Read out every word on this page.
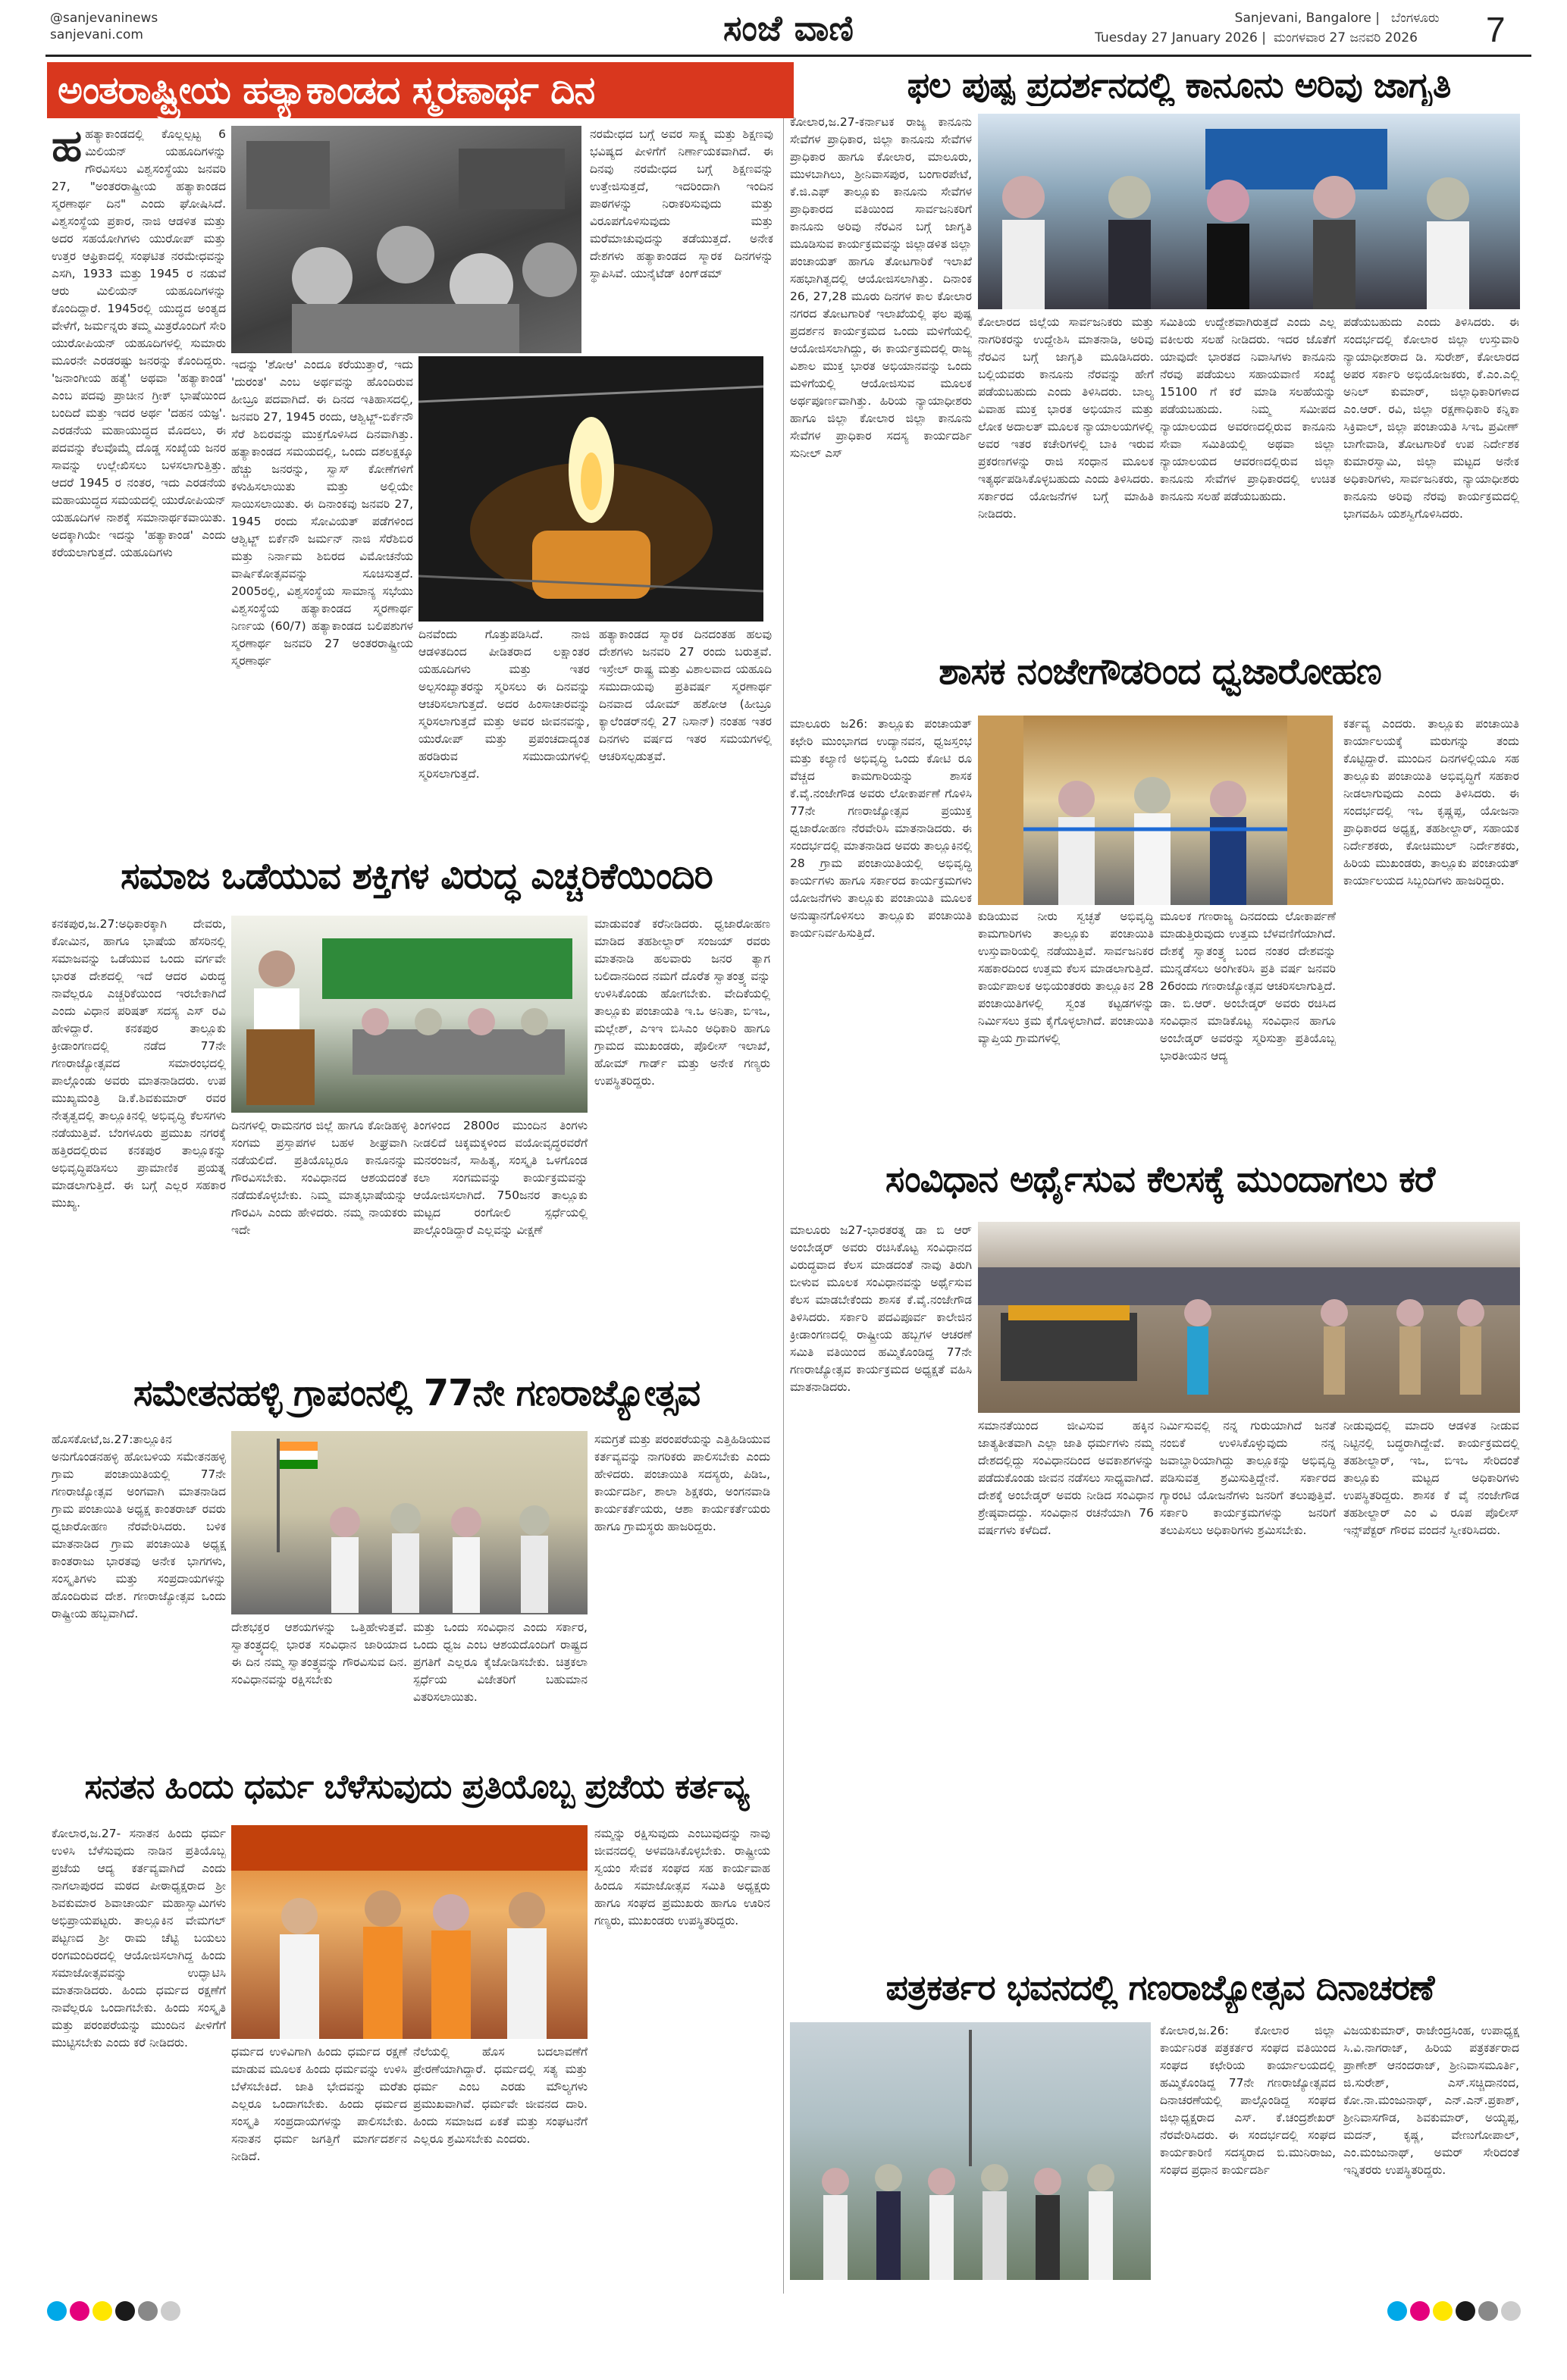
@sanjevaninews
sanjevani.com	ಸಂಜೆ ವಾಣಿ	Sanjevani, Bangalore | ಬೆಂಗಳೂರು
Tuesday 27 January 2026 | ಮಂಗಳವಾರ 27 ಜನವರಿ 2026	7
ಅಂತರಾಷ್ಟ್ರೀಯ ಹತ್ಯಾಕಾಂಡದ ಸ್ಮರಣಾರ್ಥ ದಿನ
ಹಹತ್ಯಾಕಾಂಡದಲ್ಲಿ ಕೊಲ್ಲಲ್ಪಟ್ಟ 6 ಮಿಲಿಯನ್ ಯಹೂದಿಗಳನ್ನು ಗೌರವಿಸಲು ವಿಶ್ವಸಂಸ್ಥೆಯು ಜನವರಿ 27, "ಅಂತರರಾಷ್ಟ್ರೀಯ ಹತ್ಯಾಕಾಂಡದ ಸ್ಮರಣಾರ್ಥ ದಿನ" ಎಂದು ಘೋಷಿಸಿದೆ. ವಿಶ್ವಸಂಸ್ಥೆಯ ಪ್ರಕಾರ, ನಾಜಿ ಆಡಳಿತ ಮತ್ತು ಅದರ ಸಹಯೋಗಿಗಳು ಯುರೋಪ್ ಮತ್ತು ಉತ್ತರ ಆಫ್ರಿಕಾದಲ್ಲಿ ಸಂಘಟಿತ ನರಮೇಧವನ್ನು ಎಸಗಿ, 1933 ಮತ್ತು 1945 ರ ನಡುವೆ ಆರು ಮಿಲಿಯನ್ ಯಹೂದಿಗಳನ್ನು ಕೊಂದಿದ್ದಾರೆ. 1945ರಲ್ಲಿ ಯುದ್ಧದ ಅಂತ್ಯದ ವೇಳೆಗೆ, ಜರ್ಮನ್ನರು ತಮ್ಮ ಮಿತ್ರರೊಂದಿಗೆ ಸೇರಿ ಯುರೋಪಿಯನ್ ಯಹೂದಿಗಳಲ್ಲಿ ಸುಮಾರು ಮೂರನೇ ಎರಡರಷ್ಟು ಜನರನ್ನು ಕೊಂದಿದ್ದರು. 'ಜನಾಂಗೀಯ ಹತ್ಯೆ' ಅಥವಾ 'ಹತ್ಯಾಕಾಂಡ' ಎಂಬ ಪದವು ಪ್ರಾಚೀನ ಗ್ರೀಕ್ ಭಾಷೆಯಿಂದ ಬಂದಿದೆ ಮತ್ತು ಇದರ ಅರ್ಥ 'ದಹನ ಯಜ್ಞ'. ಎರಡನೆಯ ಮಹಾಯುದ್ಧದ ಮೊದಲು, ಈ ಪದವನ್ನು ಕೆಲವೊಮ್ಮೆ ದೊಡ್ಡ ಸಂಖ್ಯೆಯ ಜನರ ಸಾವನ್ನು ಉಲ್ಲೇಖಿಸಲು ಬಳಸಲಾಗುತ್ತಿತ್ತು. ಆದರೆ 1945 ರ ನಂತರ, ಇದು ಎರಡನೆಯ ಮಹಾಯುದ್ಧದ ಸಮಯದಲ್ಲಿ ಯುರೋಪಿಯನ್ ಯಹೂದಿಗಳ ನಾಶಕ್ಕೆ ಸಮಾನಾರ್ಥಕವಾಯಿತು. ಅದಕ್ಕಾಗಿಯೇ ಇದನ್ನು 'ಹತ್ಯಾಕಾಂಡ' ಎಂದು ಕರೆಯಲಾಗುತ್ತದೆ. ಯಹೂದಿಗಳು
ಇದನ್ನು 'ಶೋಆ' ಎಂದೂ ಕರೆಯುತ್ತಾರೆ, ಇದು 'ದುರಂತ' ಎಂಬ ಅರ್ಥವನ್ನು ಹೊಂದಿರುವ ಹೀಬ್ರೂ ಪದವಾಗಿದೆ. ಈ ದಿನದ ಇತಿಹಾಸದಲ್ಲಿ, ಜನವರಿ 27, 1945 ರಂದು, ಆಶ್ವಿಟ್ಜ್-ಬಿರ್ಕೆನೌ ಸೆರೆ ಶಿಬಿರವನ್ನು ಮುಕ್ತಗೊಳಿಸಿದ ದಿನವಾಗಿತ್ತು. ಹತ್ಯಾಕಾಂಡದ ಸಮಯದಲ್ಲಿ, ಒಂದು ದಶಲಕ್ಷಕ್ಕೂ ಹೆಚ್ಚು ಜನರನ್ನು, ಸ್ವಾಸ್ ಕೋಣೆಗಳಿಗೆ ಕಳುಹಿಸಲಾಯಿತು ಮತ್ತು ಅಲ್ಲಿಯೇ ಸಾಯಿಸಲಾಯಿತು. ಈ ದಿನಾಂಕವು ಜನವರಿ 27, 1945 ರಂದು ಸೋವಿಯತ್ ಪಡೆಗಳಿಂದ ಆಶ್ವಿಟ್ಜ್ ಬಿರ್ಕೆನೌ ಜರ್ಮನ್ ನಾಜಿ ಸೆರೆಶಿಬಿರ ಮತ್ತು ನಿರ್ನಾಮ ಶಿಬಿರದ ವಿಮೋಚನೆಯ ವಾರ್ಷಿಕೋತ್ಸವವನ್ನು ಸೂಚಿಸುತ್ತದೆ. 2005ರಲ್ಲಿ, ವಿಶ್ವಸಂಸ್ಥೆಯ ಸಾಮಾನ್ಯ ಸಭೆಯು ವಿಶ್ವಸಂಸ್ಥೆಯ ಹತ್ಯಾಕಾಂಡದ ಸ್ಮರಣಾರ್ಥ ನಿರ್ಣಯ (60/7) ಹತ್ಯಾಕಾಂಡದ ಬಲಿಪಶುಗಳ ಸ್ಮರಣಾರ್ಥ ಜನವರಿ 27 ಅಂತರರಾಷ್ಟ್ರೀಯ ಸ್ಮರಣಾರ್ಥ
ದಿನವೆಂದು ಗೊತ್ತುಪಡಿಸಿದೆ. ನಾಜಿ ಆಡಳಿತದಿಂದ ಪೀಡಿತರಾದ ಲಕ್ಷಾಂತರ ಯಹೂದಿಗಳು ಮತ್ತು ಇತರ ಅಲ್ಪಸಂಖ್ಯಾತರನ್ನು ಸ್ಮರಿಸಲು ಈ ದಿನವನ್ನು ಆಚರಿಸಲಾಗುತ್ತದೆ. ಅದರ ಹಿಂಸಾಚಾರವನ್ನು ಸ್ಮರಿಸಲಾಗುತ್ತದೆ ಮತ್ತು ಅವರ ಜೀವನವನ್ನು, ಯುರೋಪ್ ಮತ್ತು ಪ್ರಪಂಚದಾದ್ಯಂತ ಹರಡಿರುವ ಸಮುದಾಯಗಳಲ್ಲಿ ಸ್ಮರಿಸಲಾಗುತ್ತದೆ.
ನರಮೇಧದ ಬಗ್ಗೆ ಅವರ ಸಾಕ್ಷ್ಯ ಮತ್ತು ಶಿಕ್ಷಣವು ಭವಿಷ್ಯದ ಪೀಳಿಗೆಗೆ ನಿರ್ಣಾಯಕವಾಗಿದೆ. ಈ ದಿನವು ನರಮೇಧದ ಬಗ್ಗೆ ಶಿಕ್ಷಣವನ್ನು ಉತ್ತೇಜಿಸುತ್ತದೆ, ಇದರಿಂದಾಗಿ ಇಂದಿನ ಪಾಠಗಳನ್ನು ನಿರಾಕರಿಸುವುದು ಮತ್ತು ವಿರೂಪಗೊಳಿಸುವುದು ಮತ್ತು ಮರೆಮಾಚುವುದನ್ನು ತಡೆಯುತ್ತದೆ. ಅನೇಕ ದೇಶಗಳು ಹತ್ಯಾಕಾಂಡದ ಸ್ಮಾರಕ ದಿನಗಳನ್ನು ಸ್ಥಾಪಿಸಿವೆ. ಯುನೈಟೆಡ್ ಕಿಂಗ್‌ಡಮ್
ಹತ್ಯಾಕಾಂಡದ ಸ್ಮಾರಕ ದಿನದಂತಹ ಹಲವು ದೇಶಗಳು ಜನವರಿ 27 ರಂದು ಬರುತ್ತವೆ. ಇಸ್ರೇಲ್ ರಾಷ್ಟ್ರ ಮತ್ತು ವಿಶಾಲವಾದ ಯಹೂದಿ ಸಮುದಾಯವು ಪ್ರತಿವರ್ಷ ಸ್ಮರಣಾರ್ಥ ದಿನವಾದ ಯೋಮ್ ಹಶೋಆ (ಹೀಬ್ರೂ ಕ್ಯಾಲೆಂಡರ್‌ನಲ್ಲಿ 27 ನಿಸಾನ್) ನಂತಹ ಇತರ ದಿನಗಳು ವರ್ಷದ ಇತರ ಸಮಯಗಳಲ್ಲಿ ಆಚರಿಸಲ್ಪಡುತ್ತವೆ.
ಫಲ ಪುಷ್ಪ ಪ್ರದರ್ಶನದಲ್ಲಿ ಕಾನೂನು ಅರಿವು ಜಾಗೃತಿ
ಕೋಲಾರ,ಜ.27-ಕರ್ನಾಟಕ ರಾಜ್ಯ ಕಾನೂನು ಸೇವೆಗಳ ಪ್ರಾಧಿಕಾರ, ಜಿಲ್ಲಾ ಕಾನೂನು ಸೇವೆಗಳ ಪ್ರಾಧಿಕಾರ ಹಾಗೂ ಕೋಲಾರ, ಮಾಲೂರು, ಮುಳಬಾಗಿಲು, ಶ್ರೀನಿವಾಸಪುರ, ಬಂಗಾರಪೇಟೆ, ಕೆ.ಜಿ.ಎಫ್ ತಾಲ್ಲೂಕು ಕಾನೂನು ಸೇವೆಗಳ ಪ್ರಾಧಿಕಾರದ ವತಿಯಿಂದ ಸಾರ್ವಜನಿಕರಿಗೆ ಕಾನೂನು ಅರಿವು ನೆರವಿನ ಬಗ್ಗೆ ಜಾಗೃತಿ ಮೂಡಿಸುವ ಕಾರ್ಯಕ್ರಮವನ್ನು ಜಿಲ್ಲಾಡಳಿತ ಜಿಲ್ಲಾ ಪಂಚಾಯತ್ ಹಾಗೂ ತೋಟಗಾರಿಕೆ ಇಲಾಖೆ ಸಹಭಾಗಿತ್ವದಲ್ಲಿ ಆಯೋಜಿಸಲಾಗಿತ್ತು. ದಿನಾಂಕ 26, 27,28 ಮೂರು ದಿನಗಳ ಕಾಲ ಕೋಲಾರ ನಗರದ ತೋಟಗಾರಿಕೆ ಇಲಾಖೆಯಲ್ಲಿ ಫಲ ಪುಷ್ಪ ಪ್ರದರ್ಶನ ಕಾರ್ಯಕ್ರಮದ ಒಂದು ಮಳಿಗೆಯಲ್ಲಿ ಆಯೋಜಿಸಲಾಗಿದ್ದು, ಈ ಕಾರ್ಯಕ್ರಮದಲ್ಲಿ ರಾಜ್ಯ ವಿಶಾಲ ಮುಕ್ತ ಭಾರತ ಅಭಿಯಾನವನ್ನು ಒಂದು ಮಳಿಗೆಯಲ್ಲಿ ಆಯೋಜಿಸುವ ಮೂಲಕ ಅರ್ಥಪೂರ್ಣವಾಗಿತ್ತು. ಹಿರಿಯ ನ್ಯಾಯಾಧೀಶರು ಹಾಗೂ ಜಿಲ್ಲಾ ಕೋಲಾರ ಜಿಲ್ಲಾ ಕಾನೂನು ಸೇವೆಗಳ ಪ್ರಾಧಿಕಾರ ಸದಸ್ಯ ಕಾರ್ಯದರ್ಶಿ ಸುನೀಲ್ ಎಸ್
ಕೋಲಾರದ ಜಿಲ್ಲೆಯ ಸಾರ್ವಜನಿಕರು ಮತ್ತು ನಾಗರಿಕರನ್ನು ಉದ್ದೇಶಿಸಿ ಮಾತನಾಡಿ, ಅರಿವು ನೆರವಿನ ಬಗ್ಗೆ ಜಾಗೃತಿ ಮೂಡಿಸಿದರು. ಬಲ್ಲಿಯವರು ಕಾನೂನು ನೆರವನ್ನು ಹೇಗೆ ಪಡೆಯಬಹುದು ಎಂದು ತಿಳಿಸಿದರು. ಬಾಲ್ಯ ವಿವಾಹ ಮುಕ್ತ ಭಾರತ ಅಭಿಯಾನ ಮತ್ತು ಲೋಕ ಅದಾಲತ್ ಮೂಲಕ ನ್ಯಾಯಾಲಯಗಳಲ್ಲಿ ಅವರ ಇತರ ಕಚೇರಿಗಳಲ್ಲಿ ಬಾಕಿ ಇರುವ ಪ್ರಕರಣಗಳನ್ನು ರಾಜಿ ಸಂಧಾನ ಮೂಲಕ ಇತ್ಯರ್ಥಪಡಿಸಿಕೊಳ್ಳಬಹುದು ಎಂದು ತಿಳಿಸಿದರು. ಸರ್ಕಾರದ ಯೋಜನೆಗಳ ಬಗ್ಗೆ ಮಾಹಿತಿ ನೀಡಿದರು.
ಸಮಿತಿಯ ಉದ್ದೇಶವಾಗಿರುತ್ತದೆ ಎಂದು ಎಲ್ಲ ವಕೀಲರು ಸಲಹೆ ನೀಡಿದರು. ಇದರ ಜೊತೆಗೆ ಯಾವುದೇ ಭಾರತದ ನಿವಾಸಿಗಳು ಕಾನೂನು ನೆರವು ಪಡೆಯಲು ಸಹಾಯವಾಣಿ ಸಂಖ್ಯೆ 15100 ಗೆ ಕರೆ ಮಾಡಿ ಸಲಹೆಯನ್ನು ಪಡೆಯಬಹುದು. ನಿಮ್ಮ ಸಮೀಪದ ನ್ಯಾಯಾಲಯದ ಅವರಣದಲ್ಲಿರುವ ಕಾನೂನು ಸೇವಾ ಸಮಿತಿಯಲ್ಲಿ ಅಥವಾ ಜಿಲ್ಲಾ ನ್ಯಾಯಾಲಯದ ಆವರಣದಲ್ಲಿರುವ ಜಿಲ್ಲಾ ಕಾನೂನು ಸೇವೆಗಳ ಪ್ರಾಧಿಕಾರದಲ್ಲಿ ಉಚಿತ ಕಾನೂನು ಸಲಹೆ ಪಡೆಯಬಹುದು.
ಪಡೆಯಬಹುದು ಎಂದು ತಿಳಿಸಿದರು. ಈ ಸಂದರ್ಭದಲ್ಲಿ ಕೋಲಾರ ಜಿಲ್ಲಾ ಉಸ್ತುವಾರಿ ನ್ಯಾಯಾಧೀಶರಾದ ಡಿ. ಸುರೇಶ್, ಕೋಲಾರದ ಅಪರ ಸರ್ಕಾರಿ ಅಭಿಯೋಜಕರು, ಕೆ.ಎಂ.ಎಲ್ಲಿ ಅನಿಲ್ ಕುಮಾರ್, ಜಿಲ್ಲಾಧಿಕಾರಿಗಳಾದ ಎಂ.ಆರ್. ರವಿ, ಜಿಲ್ಲಾ ರಕ್ಷಣಾಧಿಕಾರಿ ಕನ್ನಿಕಾ ಸಿಕ್ರಿವಾಲ್, ಜಿಲ್ಲಾ ಪಂಚಾಯತಿ ಸಿಇಒ ಪ್ರವೀಣ್ ಬಾಗೇವಾಡಿ, ತೋಟಗಾರಿಕೆ ಉಪ ನಿರ್ದೇಶಕ ಕುಮಾರಸ್ವಾಮಿ, ಜಿಲ್ಲಾ ಮಟ್ಟದ ಅನೇಕ ಅಧಿಕಾರಿಗಳು, ಸಾರ್ವಜನಿಕರು, ನ್ಯಾಯಾಧೀಶರು ಕಾನೂನು ಅರಿವು ನೆರವು ಕಾರ್ಯಕ್ರಮದಲ್ಲಿ ಭಾಗವಹಿಸಿ ಯಶಸ್ವಿಗೊಳಿಸಿದರು.
ಶಾಸಕ ನಂಜೇಗೌಡರಿಂದ ಧ್ವಜಾರೋಹಣ
ಮಾಲೂರು ಜ26: ತಾಲ್ಲೂಕು ಪಂಚಾಯತ್ ಕಛೇರಿ ಮುಂಭಾಗದ ಉದ್ಯಾನವನ, ಧ್ವಜಸ್ತಂಭ ಮತ್ತು ಕಲ್ಯಾಣಿ ಅಭಿವೃದ್ಧಿ ಒಂದು ಕೋಟಿ ರೂ ವೆಚ್ಚದ ಕಾಮಗಾರಿಯನ್ನು ಶಾಸಕ ಕೆ.ವೈ.ನಂಜೇಗೌಡ ಅವರು ಲೋಕಾರ್ಪಣೆ ಗೊಳಿಸಿ 77ನೇ ಗಣರಾಜ್ಯೋತ್ಸವ ಪ್ರಯುಕ್ತ ಧ್ವಜಾರೋಹಣ ನೆರವೇರಿಸಿ ಮಾತನಾಡಿದರು. ಈ ಸಂದರ್ಭದಲ್ಲಿ ಮಾತನಾಡಿದ ಅವರು ತಾಲ್ಲೂಕಿನಲ್ಲಿ 28 ಗ್ರಾಮ ಪಂಚಾಯಿತಿಯಲ್ಲಿ ಅಭಿವೃದ್ಧಿ ಕಾರ್ಯಗಳು ಹಾಗೂ ಸರ್ಕಾರದ ಕಾರ್ಯಕ್ರಮಗಳು ಯೋಜನೆಗಳು ತಾಲ್ಲೂಕು ಪಂಚಾಯಿತಿ ಮೂಲಕ ಅನುಷ್ಠಾನಗೊಳಿಸಲು ತಾಲ್ಲೂಕು ಪಂಚಾಯಿತಿ ಕಾರ್ಯನಿರ್ವಹಿಸುತ್ತಿದೆ.
ಕುಡಿಯುವ ನೀರು ಸ್ವಚ್ಛತೆ ಅಭಿವೃದ್ಧಿ ಕಾಮಗಾರಿಗಳು ತಾಲ್ಲೂಕು ಪಂಚಾಯಿತಿ ಉಸ್ತುವಾರಿಯಲ್ಲಿ ನಡೆಯುತ್ತಿವೆ. ಸಾರ್ವಜನಿಕರ ಸಹಕಾರದಿಂದ ಉತ್ತಮ ಕೆಲಸ ಮಾಡಲಾಗುತ್ತಿದೆ. ಕಾರ್ಯಪಾಲಕ ಅಭಿಯಂತರರು ತಾಲ್ಲೂಕಿನ 28 ಪಂಚಾಯಿತಿಗಳಲ್ಲಿ ಸ್ವಂತ ಕಟ್ಟಡಗಳನ್ನು ನಿರ್ಮಿಸಲು ಕ್ರಮ ಕೈಗೊಳ್ಳಲಾಗಿದೆ. ಪಂಚಾಯಿತಿ ವ್ಯಾಪ್ತಿಯ ಗ್ರಾಮಗಳಲ್ಲಿ
ಮೂಲಕ ಗಣರಾಜ್ಯ ದಿನದಂದು ಲೋಕಾರ್ಪಣೆ ಮಾಡುತ್ತಿರುವುದು ಉತ್ತಮ ಬೆಳವಣಿಗೆಯಾಗಿದೆ. ದೇಶಕ್ಕೆ ಸ್ವಾತಂತ್ರ್ಯ ಬಂದ ನಂತರ ದೇಶವನ್ನು ಮುನ್ನಡೆಸಲು ಅಂಗೀಕರಿಸಿ ಪ್ರತಿ ವರ್ಷ ಜನವರಿ 26ರಂದು ಗಣರಾಜ್ಯೋತ್ಸವ ಆಚರಿಸಲಾಗುತ್ತಿದೆ. ಡಾ. ಬಿ.ಆರ್. ಅಂಬೇಡ್ಕರ್ ಅವರು ರಚಿಸಿದ ಸಂವಿಧಾನ ಮಾಡಿಕೊಟ್ಟ ಸಂವಿಧಾನ ಹಾಗೂ ಅಂಬೇಡ್ಕರ್ ಅವರನ್ನು ಸ್ಮರಿಸುತ್ತಾ ಪ್ರತಿಯೊಬ್ಬ ಭಾರತೀಯನ ಆದ್ಯ
ಕರ್ತವ್ಯ ಎಂದರು. ತಾಲ್ಲೂಕು ಪಂಚಾಯಿತಿ ಕಾರ್ಯಾಲಯಕ್ಕೆ ಮರುಗನ್ನು ತಂದು ಕೊಟ್ಟಿದ್ದಾರೆ. ಮುಂದಿನ ದಿನಗಳಲ್ಲಿಯೂ ಸಹ ತಾಲ್ಲೂಕು ಪಂಚಾಯಿತಿ ಅಭಿವೃದ್ಧಿಗೆ ಸಹಕಾರ ನೀಡಲಾಗುವುದು ಎಂದು ತಿಳಿಸಿದರು. ಈ ಸಂದರ್ಭದಲ್ಲಿ ಇಒ ಕೃಷ್ಣಪ್ಪ, ಯೋಜನಾ ಪ್ರಾಧಿಕಾರದ ಅಧ್ಯಕ್ಷ, ತಹಶೀಲ್ದಾರ್, ಸಹಾಯಕ ನಿರ್ದೇಶಕರು, ಕೋಚಿಮುಲ್ ನಿರ್ದೇಶಕರು, ಹಿರಿಯ ಮುಖಂಡರು, ತಾಲ್ಲೂಕು ಪಂಚಾಯತ್ ಕಾರ್ಯಾಲಯದ ಸಿಬ್ಬಂದಿಗಳು ಹಾಜರಿದ್ದರು.
ಸಮಾಜ ಒಡೆಯುವ ಶಕ್ತಿಗಳ ವಿರುದ್ಧ ಎಚ್ಚರಿಕೆಯಿಂದಿರಿ
ಕನಕಪುರ,ಜ.27:ಅಧಿಕಾರಕ್ಕಾಗಿ ದೇವರು, ಕೋಮಿನ, ಹಾಗೂ ಭಾಷೆಯ ಹೆಸರಿನಲ್ಲಿ ಸಮಾಜವನ್ನು ಒಡೆಯುವ ಒಂದು ವರ್ಗವೇ ಭಾರತ ದೇಶದಲ್ಲಿ ಇದೆ ಆದರ ವಿರುದ್ಧ ನಾವೆಲ್ಲರೂ ಎಚ್ಚರಿಕೆಯಿಂದ ಇರಬೇಕಾಗಿದೆ ಎಂದು ವಿಧಾನ ಪರಿಷತ್ ಸದಸ್ಯ ಎಸ್ ರವಿ ಹೇಳಿದ್ದಾರೆ. ಕನಕಪುರ ತಾಲ್ಲೂಕು ಕ್ರೀಡಾಂಗಣದಲ್ಲಿ ನಡೆದ 77ನೇ ಗಣರಾಜ್ಯೋತ್ಸವದ ಸಮಾರಂಭದಲ್ಲಿ ಪಾಲ್ಗೊಂಡು ಅವರು ಮಾತನಾಡಿದರು. ಉಪ ಮುಖ್ಯಮಂತ್ರಿ ಡಿ.ಕೆ.ಶಿವಕುಮಾರ್ ರವರ ನೇತೃತ್ವದಲ್ಲಿ ತಾಲ್ಲೂಕಿನಲ್ಲಿ ಅಭಿವೃದ್ಧಿ ಕೆಲಸಗಳು ನಡೆಯುತ್ತಿವೆ. ಬೆಂಗಳೂರು ಪ್ರಮುಖ ನಗರಕ್ಕೆ ಹತ್ತಿರದಲ್ಲಿರುವ ಕನಕಪುರ ತಾಲ್ಲೂಕನ್ನು ಅಭಿವೃದ್ಧಿಪಡಿಸಲು ಪ್ರಾಮಾಣಿಕ ಪ್ರಯತ್ನ ಮಾಡಲಾಗುತ್ತಿದೆ. ಈ ಬಗ್ಗೆ ಎಲ್ಲರ ಸಹಕಾರ ಮುಖ್ಯ.
ದಿನಗಳಲ್ಲಿ ರಾಮನಗರ ಜಿಲ್ಲೆ ಹಾಗೂ ಕೋಡಿಹಳ್ಳಿ ಸಂಗಮ ಪ್ರಸ್ತಾಪಗಳ ಬಹಳ ಶೀಘ್ರವಾಗಿ ನಡೆಯಲಿದೆ. ಪ್ರತಿಯೊಬ್ಬರೂ ಕಾನೂನನ್ನು ಗೌರವಿಸಬೇಕು. ಸಂವಿಧಾನದ ಆಶಯದಂತೆ ನಡೆದುಕೊಳ್ಳಬೇಕು. ನಿಮ್ಮ ಮಾತೃಭಾಷೆಯನ್ನು ಗೌರವಿಸಿ ಎಂದು ಹೇಳಿದರು. ನಮ್ಮ ನಾಯಕರು ಇದೇ
ತಿಂಗಳಿಂದ 2800ರ ಮುಂದಿನ ತಿಂಗಳು ನೀಡಲಿದೆ ಚಿಕ್ಕಮಕ್ಕಳಿಂದ ವಯೋವೃದ್ಧರವರೆಗೆ ಮನರಂಜನೆ, ಸಾಹಿತ್ಯ, ಸಂಸ್ಕೃತಿ ಒಳಗೊಂಡ ಕಲಾ ಸಂಗಮವನ್ನು ಕಾರ್ಯಕ್ರಮವನ್ನು ಆಯೋಜಿಸಲಾಗಿದೆ. 750ಜನರ ತಾಲ್ಲೂಕು ಮಟ್ಟದ ರಂಗೋಲಿ ಸ್ಪರ್ಧೆಯಲ್ಲಿ ಪಾಲ್ಗೊಂಡಿದ್ದಾರೆ ಎಲ್ಲವನ್ನು ವೀಕ್ಷಣೆ
ಮಾಡುವಂತೆ ಕರೆನೀಡಿದರು. ಧ್ವಜಾರೋಹಣ ಮಾಡಿದ ತಹಶೀಲ್ದಾರ್ ಸಂಜಯ್ ರವರು ಮಾತನಾಡಿ ಹಲವಾರು ಜನರ ತ್ಯಾಗ ಬಲಿದಾನದಿಂದ ನಮಗೆ ದೊರೆತ ಸ್ವಾತಂತ್ರ್ಯ ವನ್ನು ಉಳಿಸಿಕೊಂಡು ಹೋಗಬೇಕು. ವೇದಿಕೆಯಲ್ಲಿ ತಾಲ್ಲೂಕು ಪಂಚಾಯತಿ ಇ.ಒ ಅನಿತಾ, ಬಿಇಒ, ಮಲ್ಲೇಶ್, ಎಇಇ ಬಿಸಿಎಂ ಅಧಿಕಾರಿ ಹಾಗೂ ಗ್ರಾಮದ ಮುಖಂಡರು, ಪೊಲೀಸ್ ಇಲಾಖೆ, ಹೋಮ್ ಗಾರ್ಡ್ ಮತ್ತು ಅನೇಕ ಗಣ್ಯರು ಉಪಸ್ಥಿತರಿದ್ದರು.
ಸಂವಿಧಾನ ಅರ್ಥೈಸುವ ಕೆಲಸಕ್ಕೆ ಮುಂದಾಗಲು ಕರೆ
ಮಾಲೂರು ಜ27-ಭಾರತರತ್ನ ಡಾ ಬಿ ಆರ್ ಅಂಬೇಡ್ಕರ್ ಅವರು ರಚಿಸಿಕೊಟ್ಟ ಸಂವಿಧಾನದ ವಿರುದ್ಧವಾದ ಕೆಲಸ ಮಾಡದಂತೆ ನಾವು ತಿರುಗಿ ಬೀಳುವ ಮೂಲಕ ಸಂವಿಧಾನವನ್ನು ಅರ್ಥೈಸುವ ಕೆಲಸ ಮಾಡಬೇಕೆಂದು ಶಾಸಕ ಕೆ.ವೈ.ನಂಜೇಗೌಡ ತಿಳಿಸಿದರು. ಸರ್ಕಾರಿ ಪದವಿಪೂರ್ವ ಕಾಲೇಜಿನ ಕ್ರೀಡಾಂಗಣದಲ್ಲಿ ರಾಷ್ಟ್ರೀಯ ಹಬ್ಬಗಳ ಆಚರಣೆ ಸಮಿತಿ ವತಿಯಿಂದ ಹಮ್ಮಿಕೊಂಡಿದ್ದ 77ನೇ ಗಣರಾಜ್ಯೋತ್ಸವ ಕಾರ್ಯಕ್ರಮದ ಅಧ್ಯಕ್ಷತೆ ವಹಿಸಿ ಮಾತನಾಡಿದರು.
ಸಮಾನತೆಯಿಂದ ಜೀವಿಸುವ ಹಕ್ಕಿನ ಜಾತ್ಯತೀತವಾಗಿ ಎಲ್ಲಾ ಜಾತಿ ಧರ್ಮಗಳು ನಮ್ಮ ದೇಶದಲ್ಲಿದ್ದು ಸಂವಿಧಾನದಿಂದ ಅವಕಾಶಗಳನ್ನು ಪಡೆದುಕೊಂಡು ಜೀವನ ನಡೆಸಲು ಸಾಧ್ಯವಾಗಿದೆ. ದೇಶಕ್ಕೆ ಅಂಬೇಡ್ಕರ್ ಅವರು ನೀಡಿದ ಸಂವಿಧಾನ ಶ್ರೇಷ್ಠವಾದದ್ದು. ಸಂವಿಧಾನ ರಚನೆಯಾಗಿ 76 ವರ್ಷಗಳು ಕಳೆದಿದೆ.
ನಿರ್ಮಿಸುವಲ್ಲಿ ನನ್ನ ಗುರುಯಾಗಿದೆ ಜನತೆ ನಂಬಿಕೆ ಉಳಿಸಿಕೊಳ್ಳುವುದು ನನ್ನ ಜವಾಬ್ದಾರಿಯಾಗಿದ್ದು ತಾಲ್ಲೂಕನ್ನು ಅಭಿವೃದ್ಧಿ ಪಡಿಸುವತ್ತ ಶ್ರಮಿಸುತ್ತಿದ್ದೇನೆ. ಸರ್ಕಾರದ ಗ್ಯಾರಂಟಿ ಯೋಜನೆಗಳು ಜನರಿಗೆ ತಲುಪುತ್ತಿವೆ. ಸರ್ಕಾರಿ ಕಾರ್ಯಕ್ರಮಗಳನ್ನು ಜನರಿಗೆ ತಲುಪಿಸಲು ಅಧಿಕಾರಿಗಳು ಶ್ರಮಿಸಬೇಕು.
ನೀಡುವುದಲ್ಲಿ ಮಾದರಿ ಆಡಳಿತ ನೀಡುವ ನಿಟ್ಟಿನಲ್ಲಿ ಬದ್ಧರಾಗಿದ್ದೇವೆ. ಕಾರ್ಯಕ್ರಮದಲ್ಲಿ ತಹಶೀಲ್ದಾರ್, ಇಒ, ಬಿಇಒ ಸೇರಿದಂತೆ ತಾಲ್ಲೂಕು ಮಟ್ಟದ ಅಧಿಕಾರಿಗಳು ಉಪಸ್ಥಿತರಿದ್ದರು. ಶಾಸಕ ಕೆ ವೈ ನಂಜೇಗೌಡ ತಹಶೀಲ್ದಾರ್ ಎಂ ವಿ ರೂಪ ಪೊಲೀಸ್ ಇನ್ಸ್‌ಪೆಕ್ಟರ್ ಗೌರವ ವಂದನೆ ಸ್ವೀಕರಿಸಿದರು.
ಸಮೇತನಹಳ್ಳಿ ಗ್ರಾಪಂನಲ್ಲಿ 77ನೇ ಗಣರಾಜ್ಯೋತ್ಸವ
ಹೊಸಕೋಟೆ,ಜ.27:ತಾಲ್ಲೂಕಿನ ಅನುಗೊಂಡನಹಳ್ಳಿ ಹೋಬಳಿಯ ಸಮೇತನಹಳ್ಳಿ ಗ್ರಾಮ ಪಂಚಾಯಿತಿಯಲ್ಲಿ 77ನೇ ಗಣರಾಜ್ಯೋತ್ಸವ ಅಂಗವಾಗಿ ಮಾತನಾಡಿದ ಗ್ರಾಮ ಪಂಚಾಯಿತಿ ಅಧ್ಯಕ್ಷ ಕಾಂತರಾಜ್ ರವರು ಧ್ವಜಾರೋಹಣ ನೆರವೇರಿಸಿದರು. ಬಳಿಕ ಮಾತನಾಡಿದ ಗ್ರಾಮ ಪಂಚಾಯಿತಿ ಅಧ್ಯಕ್ಷ ಕಾಂತರಾಜು ಭಾರತವು ಅನೇಕ ಭಾಗಗಳು, ಸಂಸ್ಕೃತಿಗಳು ಮತ್ತು ಸಂಪ್ರದಾಯಗಳನ್ನು ಹೊಂದಿರುವ ದೇಶ. ಗಣರಾಜ್ಯೋತ್ಸವ ಒಂದು ರಾಷ್ಟ್ರೀಯ ಹಬ್ಬವಾಗಿದೆ.
ದೇಶಭಕ್ತರ ಆಶಯಗಳನ್ನು ಒತ್ತಿಹೇಳುತ್ತವೆ. ಸ್ವಾತಂತ್ರ್ಯದಲ್ಲಿ ಭಾರತ ಸಂವಿಧಾನ ಜಾರಿಯಾದ ಈ ದಿನ ನಮ್ಮ ಸ್ವಾತಂತ್ರ್ಯವನ್ನು ಗೌರವಿಸುವ ದಿನ. ಸಂವಿಧಾನವನ್ನು ರಕ್ಷಿಸಬೇಕು
ಮತ್ತು ಒಂದು ಸಂವಿಧಾನ ಎಂದು ಸರ್ಕಾರ, ಒಂದು ಧ್ವಜ ಎಂಬ ಆಶಯದೊಂದಿಗೆ ರಾಷ್ಟ್ರದ ಪ್ರಗತಿಗೆ ಎಲ್ಲರೂ ಕೈಜೋಡಿಸಬೇಕು. ಚಿತ್ರಕಲಾ ಸ್ಪರ್ಧೆಯ ವಿಜೇತರಿಗೆ ಬಹುಮಾನ ವಿತರಿಸಲಾಯಿತು.
ಸಮಗ್ರತೆ ಮತ್ತು ಪರಂಪರೆಯನ್ನು ಎತ್ತಿಹಿಡಿಯುವ ಕರ್ತವ್ಯವನ್ನು ನಾಗರಿಕರು ಪಾಲಿಸಬೇಕು ಎಂದು ಹೇಳಿದರು. ಪಂಚಾಯಿತಿ ಸದಸ್ಯರು, ಪಿಡಿಒ, ಕಾರ್ಯದರ್ಶಿ, ಶಾಲಾ ಶಿಕ್ಷಕರು, ಅಂಗನವಾಡಿ ಕಾರ್ಯಕರ್ತೆಯರು, ಆಶಾ ಕಾರ್ಯಕರ್ತೆಯರು ಹಾಗೂ ಗ್ರಾಮಸ್ಥರು ಹಾಜರಿದ್ದರು.
ಸನತನ ಹಿಂದು ಧರ್ಮ ಬೆಳೆಸುವುದು ಪ್ರತಿಯೊಬ್ಬ ಪ್ರಜೆಯ ಕರ್ತವ್ಯ
ಕೋಲಾರ,ಜ.27- ಸನಾತನ ಹಿಂದು ಧರ್ಮ ಉಳಿಸಿ ಬೆಳೆಸುವುದು ನಾಡಿನ ಪ್ರತಿಯೊಬ್ಬ ಪ್ರಜೆಯ ಆದ್ಯ ಕರ್ತವ್ಯವಾಗಿದೆ ಎಂದು ನಾಗಲಾಪುರದ ಮಠದ ಪೀಠಾಧ್ಯಕ್ಷರಾದ ಶ್ರೀ ಶಿವಕುಮಾರ ಶಿವಾಚಾರ್ಯ ಮಹಾಸ್ವಾಮಿಗಳು ಅಭಿಪ್ರಾಯಪಟ್ಟರು. ತಾಲ್ಲೂಕಿನ ವೇಮಗಲ್ ಪಟ್ಟಣದ ಶ್ರೀ ರಾಮ ಚೆಟ್ಟಿ ಬಯಲು ರಂಗಮಂದಿರದಲ್ಲಿ ಆಯೋಜಿಸಲಾಗಿದ್ದ ಹಿಂದು ಸಮಾಜೋತ್ಸವವನ್ನು ಉದ್ಘಾಟಿಸಿ ಮಾತನಾಡಿದರು. ಹಿಂದು ಧರ್ಮದ ರಕ್ಷಣೆಗೆ ನಾವೆಲ್ಲರೂ ಒಂದಾಗಬೇಕು. ಹಿಂದು ಸಂಸ್ಕೃತಿ ಮತ್ತು ಪರಂಪರೆಯನ್ನು ಮುಂದಿನ ಪೀಳಿಗೆಗೆ ಮುಟ್ಟಿಸಬೇಕು ಎಂದು ಕರೆ ನೀಡಿದರು.
ಧರ್ಮದ ಉಳಿವಿಗಾಗಿ ಹಿಂದು ಧರ್ಮದ ರಕ್ಷಣೆ ಮಾಡುವ ಮೂಲಕ ಹಿಂದು ಧರ್ಮವನ್ನು ಉಳಿಸಿ ಬೆಳೆಸಬೇಕಿದೆ. ಜಾತಿ ಭೇದವನ್ನು ಮರೆತು ಎಲ್ಲರೂ ಒಂದಾಗಬೇಕು. ಹಿಂದು ಧರ್ಮದ ಸಂಸ್ಕೃತಿ ಸಂಪ್ರದಾಯಗಳನ್ನು ಪಾಲಿಸಬೇಕು. ಸನಾತನ ಧರ್ಮ ಜಗತ್ತಿಗೆ ಮಾರ್ಗದರ್ಶನ ನೀಡಿದೆ.
ನೆಲೆಯಲ್ಲಿ ಹೊಸ ಬದಲಾವಣೆಗೆ ಪ್ರೇರಣೆಯಾಗಿದ್ದಾರೆ. ಧರ್ಮದಲ್ಲಿ ಸತ್ಯ ಮತ್ತು ಧರ್ಮ ಎಂಬ ಎರಡು ಮೌಲ್ಯಗಳು ಪ್ರಮುಖವಾಗಿವೆ. ಧರ್ಮವೇ ಜೀವನದ ದಾರಿ. ಹಿಂದು ಸಮಾಜದ ಏಕತೆ ಮತ್ತು ಸಂಘಟನೆಗೆ ಎಲ್ಲರೂ ಶ್ರಮಿಸಬೇಕು ಎಂದರು.
ನಮ್ಮನ್ನು ರಕ್ಷಿಸುವುದು ಎಂಬುವುದನ್ನು ನಾವು ಜೀವನದಲ್ಲಿ ಅಳವಡಿಸಿಕೊಳ್ಳಬೇಕು. ರಾಷ್ಟ್ರೀಯ ಸ್ವಯಂ ಸೇವಕ ಸಂಘದ ಸಹ ಕಾರ್ಯವಾಹ ಹಿಂದೂ ಸಮಾಜೋತ್ಸವ ಸಮಿತಿ ಅಧ್ಯಕ್ಷರು ಹಾಗೂ ಸಂಘದ ಪ್ರಮುಖರು ಹಾಗೂ ಊರಿನ ಗಣ್ಯರು, ಮುಖಂಡರು ಉಪಸ್ಥಿತರಿದ್ದರು.
ಪತ್ರಕರ್ತರ ಭವನದಲ್ಲಿ ಗಣರಾಜ್ಯೋತ್ಸವ ದಿನಾಚರಣೆ
ಕೋಲಾರ,ಜ.26: ಕೋಲಾರ ಜಿಲ್ಲಾ ಕಾರ್ಯನಿರತ ಪತ್ರಕರ್ತರ ಸಂಘದ ವತಿಯಿಂದ ಸಂಘದ ಕಛೇರಿಯ ಕಾರ್ಯಾಲಯದಲ್ಲಿ ಹಮ್ಮಿಕೊಂಡಿದ್ದ 77ನೇ ಗಣರಾಜ್ಯೋತ್ಸವದ ದಿನಾಚರಣೆಯಲ್ಲಿ ಪಾಲ್ಗೊಂಡಿದ್ದ ಸಂಘದ ಜಿಲ್ಲಾಧ್ಯಕ್ಷರಾದ ಎಸ್. ಕೆ.ಚಂದ್ರಶೇಖರ್ ನೆರವೇರಿಸಿದರು. ಈ ಸಂದರ್ಭದಲ್ಲಿ ಸಂಘದ ಕಾರ್ಯಕಾರಿಣಿ ಸದಸ್ಯರಾದ ಬಿ.ಮುನಿರಾಜು, ಸಂಘದ ಪ್ರಧಾನ ಕಾರ್ಯದರ್ಶಿ
ವಿಜಯಕುಮಾರ್, ರಾಜೇಂದ್ರಸಿಂಹ, ಉಪಾಧ್ಯಕ್ಷ ಸಿ.ವಿ.ನಾಗರಾಜ್, ಹಿರಿಯ ಪತ್ರಕರ್ತರಾದ ಪ್ರಾಣೇಶ್ ಆನಂದರಾಜ್, ಶ್ರೀನಿವಾಸಮೂರ್ತಿ, ಜಿ.ಸುರೇಶ್, ಎಸ್.ಸಚ್ಚಿದಾನಂದ, ಕೋ.ನಾ.ಮಂಜುನಾಥ್, ಎನ್.ಎನ್.ಪ್ರಕಾಶ್, ಶ್ರೀನಿವಾಸಗೌಡ, ಶಿವಕುಮಾರ್, ಅಯ್ಯಪ್ಪ, ಮದನ್, ಕೃಷ್ಣ, ವೇಣುಗೋಪಾಲ್, ಎಂ.ಮಂಜುನಾಥ್, ಅಮರ್ ಸೇರಿದಂತೆ ಇನ್ನಿತರರು ಉಪಸ್ಥಿತರಿದ್ದರು.
